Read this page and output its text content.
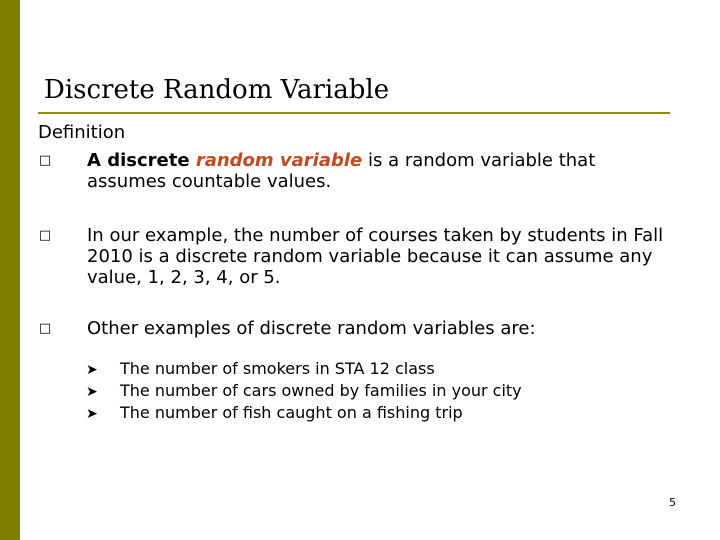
Discrete Random Variable
Definition
□ A discrete random variable is a random variable that assumes countable values.
□ In our example, the number of courses taken by students in Fall 2010 is a discrete random variable because it can assume any value, 1, 2, 3, 4, or 5.
□ Other examples of discrete random variables are:
➤ The number of smokers in STA 12 class
➤ The number of cars owned by families in your city
➤ The number of fish caught on a fishing trip
5
